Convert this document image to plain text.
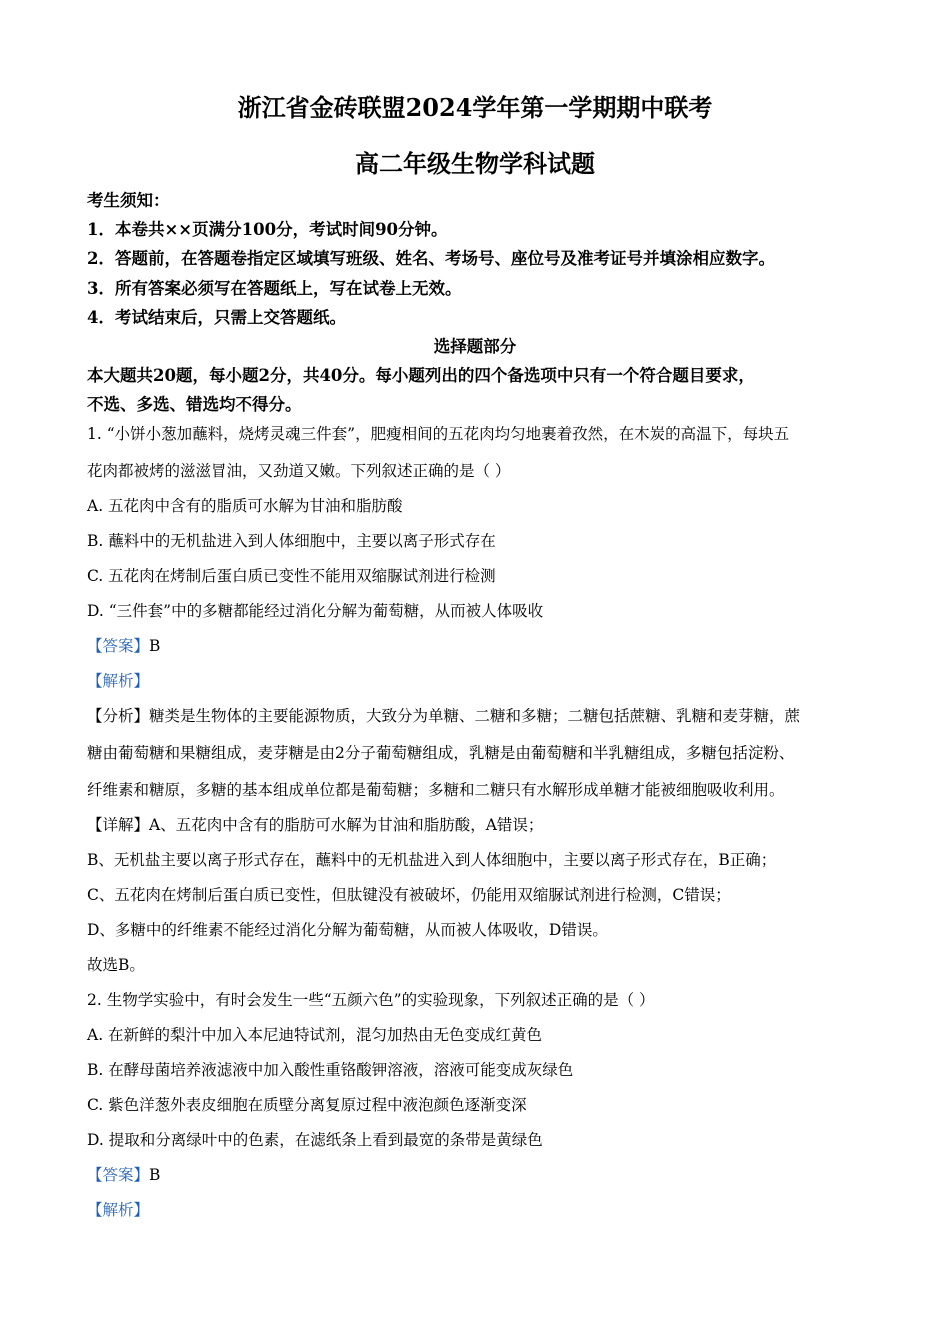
浙江省金砖联盟2024学年第一学期期中联考
高二年级生物学科试题
考生须知：
1．本卷共××页满分100分，考试时间90分钟。
2．答题前，在答题卷指定区域填写班级、姓名、考场号、座位号及准考证号并填涂相应数字。
3．所有答案必须写在答题纸上，写在试卷上无效。
4．考试结束后，只需上交答题纸。
选择题部分
本大题共20题，每小题2分，共40分。每小题列出的四个备选项中只有一个符合题目要求，
不选、多选、错选均不得分。
1. “小饼小葱加蘸料，烧烤灵魂三件套”，肥瘦相间的五花肉均匀地裹着孜然，在木炭的高温下，每块五
花肉都被烤的滋滋冒油，又劲道又嫩。下列叙述正确的是（ ）
A. 五花肉中含有的脂质可水解为甘油和脂肪酸
B. 蘸料中的无机盐进入到人体细胞中，主要以离子形式存在
C. 五花肉在烤制后蛋白质已变性不能用双缩脲试剂进行检测
D. “三件套”中的多糖都能经过消化分解为葡萄糖，从而被人体吸收
【答案】B
【解析】
【分析】糖类是生物体的主要能源物质，大致分为单糖、二糖和多糖；二糖包括蔗糖、乳糖和麦芽糖，蔗
糖由葡萄糖和果糖组成，麦芽糖是由2分子葡萄糖组成，乳糖是由葡萄糖和半乳糖组成，多糖包括淀粉、
纤维素和糖原，多糖的基本组成单位都是葡萄糖；多糖和二糖只有水解形成单糖才能被细胞吸收利用。
【详解】A、五花肉中含有的脂肪可水解为甘油和脂肪酸，A错误；
B、无机盐主要以离子形式存在，蘸料中的无机盐进入到人体细胞中，主要以离子形式存在，B正确；
C、五花肉在烤制后蛋白质已变性，但肽键没有被破坏，仍能用双缩脲试剂进行检测，C错误；
D、多糖中的纤维素不能经过消化分解为葡萄糖，从而被人体吸收，D错误。
故选B。
2. 生物学实验中，有时会发生一些“五颜六色”的实验现象，下列叙述正确的是（ ）
A. 在新鲜的梨汁中加入本尼迪特试剂，混匀加热由无色变成红黄色
B. 在酵母菌培养液滤液中加入酸性重铬酸钾溶液，溶液可能变成灰绿色
C. 紫色洋葱外表皮细胞在质壁分离复原过程中液泡颜色逐渐变深
D. 提取和分离绿叶中的色素，在滤纸条上看到最宽的条带是黄绿色
【答案】B
【解析】
